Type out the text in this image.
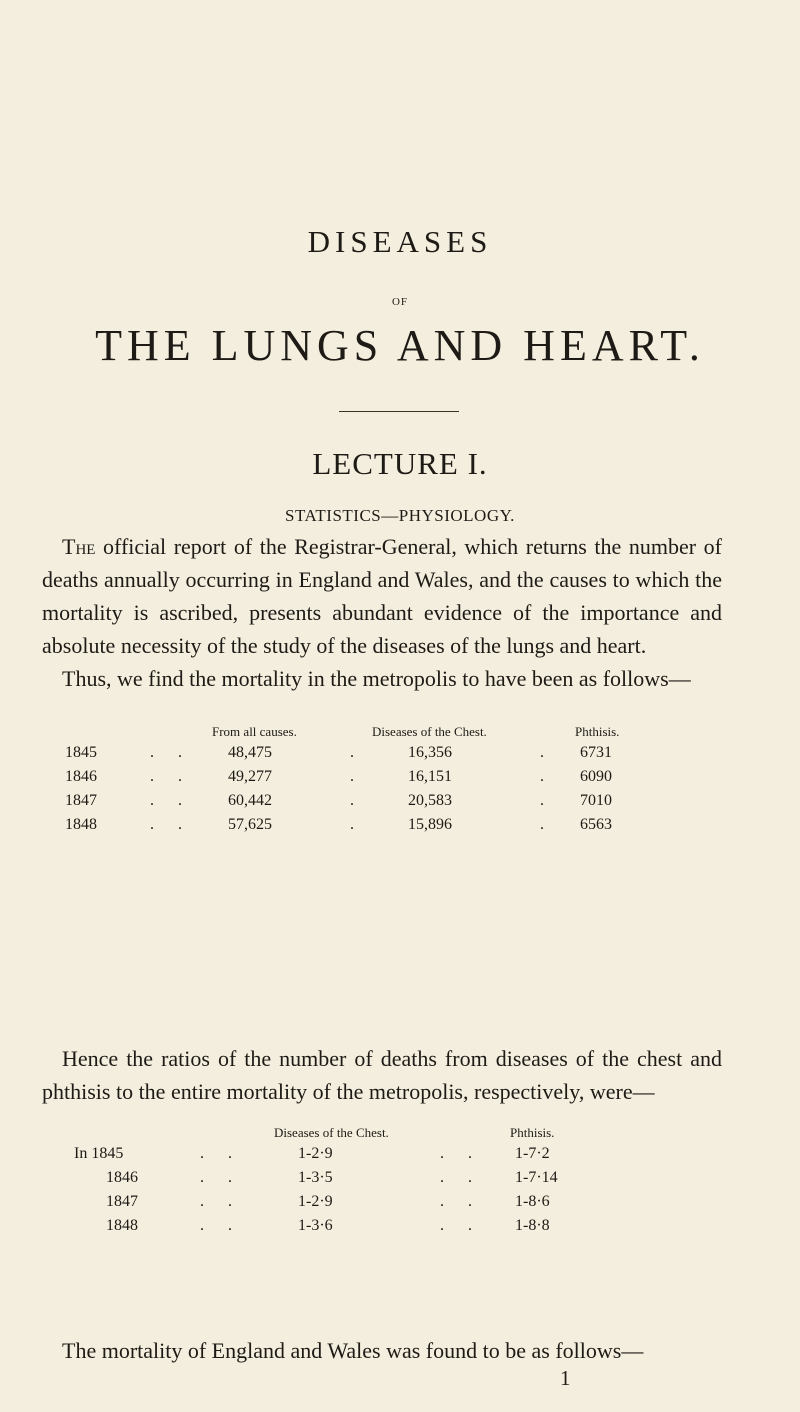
DISEASES
OF
THE LUNGS AND HEART.
LECTURE I.
STATISTICS—PHYSIOLOGY.

The official report of the Registrar-General, which returns the number of deaths annually occurring in England and Wales, and the causes to which the mortality is ascribed, presents abundant evidence of the importance and absolute necessity of the study of the diseases of the lungs and heart.

Thus, we find the mortality in the metropolis to have been as follows—

From all causes.	Diseases of the Chest.	Phthisis.
1845	. . 48,475	.	16,356	. 6731
1846	. . 49,277	.	16,151	. 6090
1847	. . 60,442	.	20,583	. 7010
1848	. . 57,625	.	15,896	. 6563

Hence the ratios of the number of deaths from diseases of the chest and phthisis to the entire mortality of the metropolis, respectively, were—

Diseases of the Chest.	Phthisis.
In 1845	. .	1-2·9	. . 1-7·2
1846	. .	1-3·5	. . 1-7·14
1847	. .	1-2·9	. . 1-8·6
1848	. .	1-3·6	. . 1-8·8

The mortality of England and Wales was found to be as follows—

1
